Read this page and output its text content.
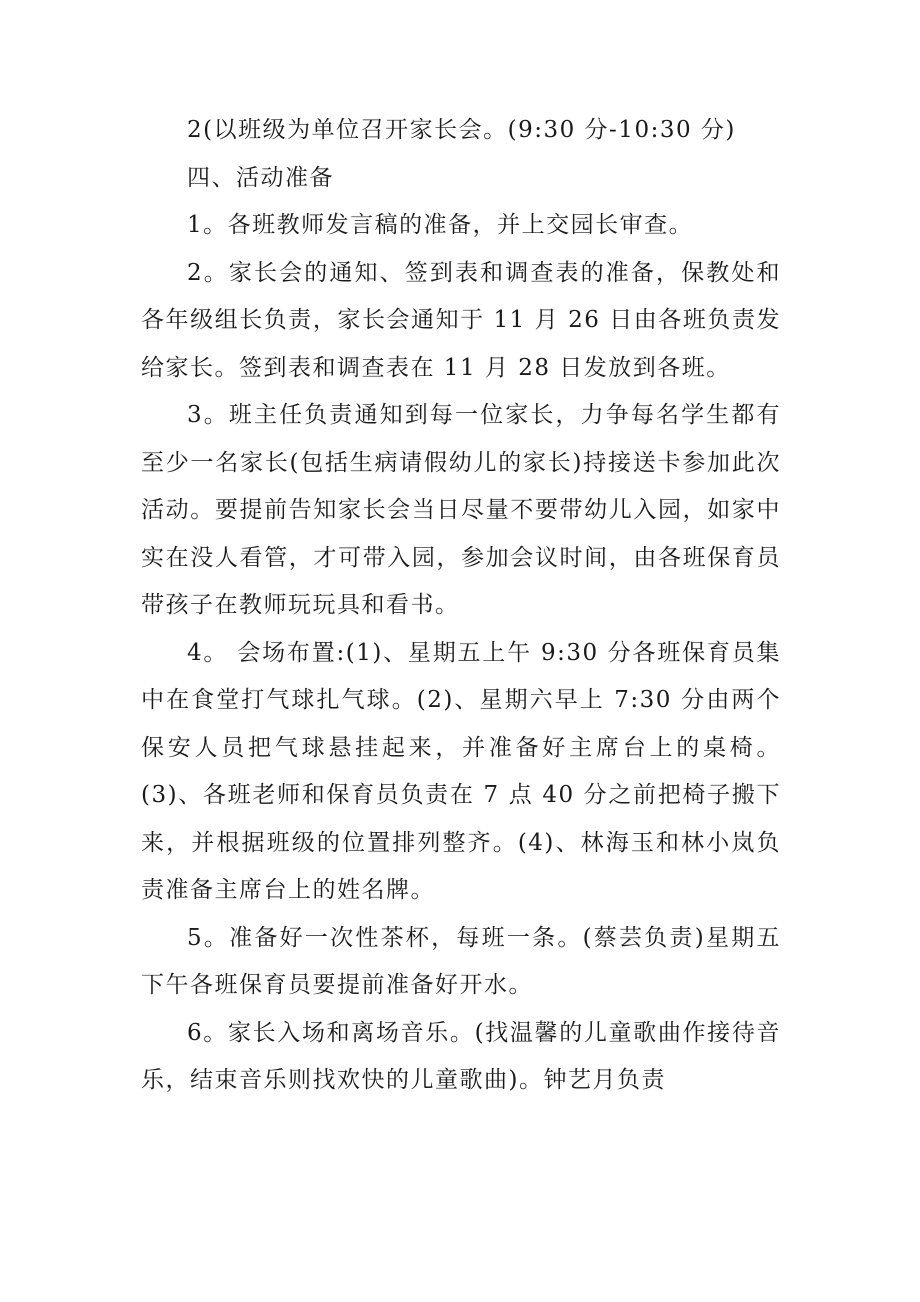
2(以班级为单位召开家长会。(9:30 分-10:30 分)

四、活动准备

1。各班教师发言稿的准备，并上交园长审查。

2。家长会的通知、签到表和调查表的准备，保教处和各年级组长负责，家长会通知于 11 月 26 日由各班负责发给家长。签到表和调查表在 11 月 28 日发放到各班。

3。班主任负责通知到每一位家长，力争每名学生都有至少一名家长(包括生病请假幼儿的家长)持接送卡参加此次活动。要提前告知家长会当日尽量不要带幼儿入园，如家中实在没人看管，才可带入园，参加会议时间，由各班保育员带孩子在教师玩玩具和看书。

4。 会场布置:(1)、星期五上午 9:30 分各班保育员集中在食堂打气球扎气球。(2)、星期六早上 7:30 分由两个保安人员把气球悬挂起来，并准备好主席台上的桌椅。(3)、各班老师和保育员负责在 7 点 40 分之前把椅子搬下来，并根据班级的位置排列整齐。(4)、林海玉和林小岚负责准备主席台上的姓名牌。

5。准备好一次性茶杯，每班一条。(蔡芸负责)星期五下午各班保育员要提前准备好开水。

6。家长入场和离场音乐。(找温馨的儿童歌曲作接待音乐，结束音乐则找欢快的儿童歌曲)。钟艺月负责
